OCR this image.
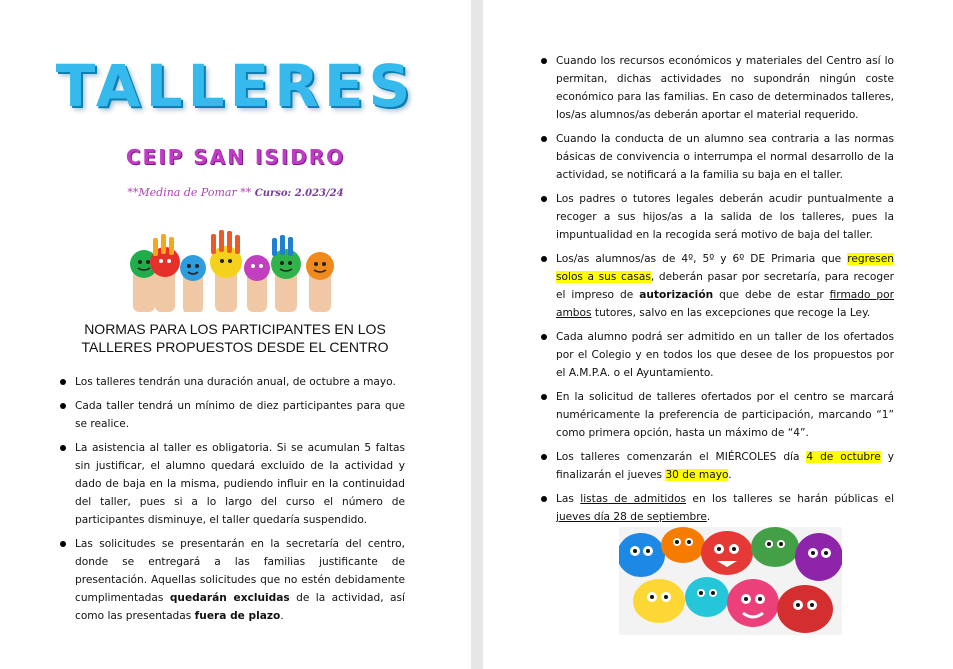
TALLERES
CEIP SAN ISIDRO
**Medina de Pomar ** Curso: 2.023/24
NORMAS PARA LOS PARTICIPANTES EN LOS
TALLERES PROPUESTOS DESDE EL CENTRO
Los talleres tendrán una duración anual, de octubre a mayo.
Cada taller tendrá un mínimo de diez participantes para que se realice.
La asistencia al taller es obligatoria. Si se acumulan 5 faltas sin justificar, el alumno quedará excluido de la actividad y dado de baja en la misma, pudiendo influir en la continuidad del taller, pues si a lo largo del curso el número de participantes disminuye, el taller quedaría suspendido.
Las solicitudes se presentarán en la secretaría del centro, donde se entregará a las familias justificante de presentación. Aquellas solicitudes que no estén debidamente cumplimentadas quedarán excluidas de la actividad, así como las presentadas fuera de plazo.
Cuando los recursos económicos y materiales del Centro así lo permitan, dichas actividades no supondrán ningún coste económico para las familias. En caso de determinados talleres, los/as alumnos/as deberán aportar el material requerido.
Cuando la conducta de un alumno sea contraria a las normas básicas de convivencia o interrumpa el normal desarrollo de la actividad, se notificará a la familia su baja en el taller.
Los padres o tutores legales deberán acudir puntualmente a recoger a sus hijos/as a la salida de los talleres, pues la impuntualidad en la recogida será motivo de baja del taller.
Los/as alumnos/as de 4º, 5º y 6º DE Primaria que regresen solos a sus casas, deberán pasar por secretaría, para recoger el impreso de autorización que debe de estar firmado por ambos tutores, salvo en las excepciones que recoge la Ley.
Cada alumno podrá ser admitido en un taller de los ofertados por el Colegio y en todos los que desee de los propuestos por el A.M.P.A. o el Ayuntamiento.
En la solicitud de talleres ofertados por el centro se marcará numéricamente la preferencia de participación, marcando “1” como primera opción, hasta un máximo de “4”.
Los talleres comenzarán el MIÉRCOLES día 4 de octubre y finalizarán el jueves 30 de mayo.
Las listas de admitidos en los talleres se harán públicas el jueves día 28 de septiembre.
